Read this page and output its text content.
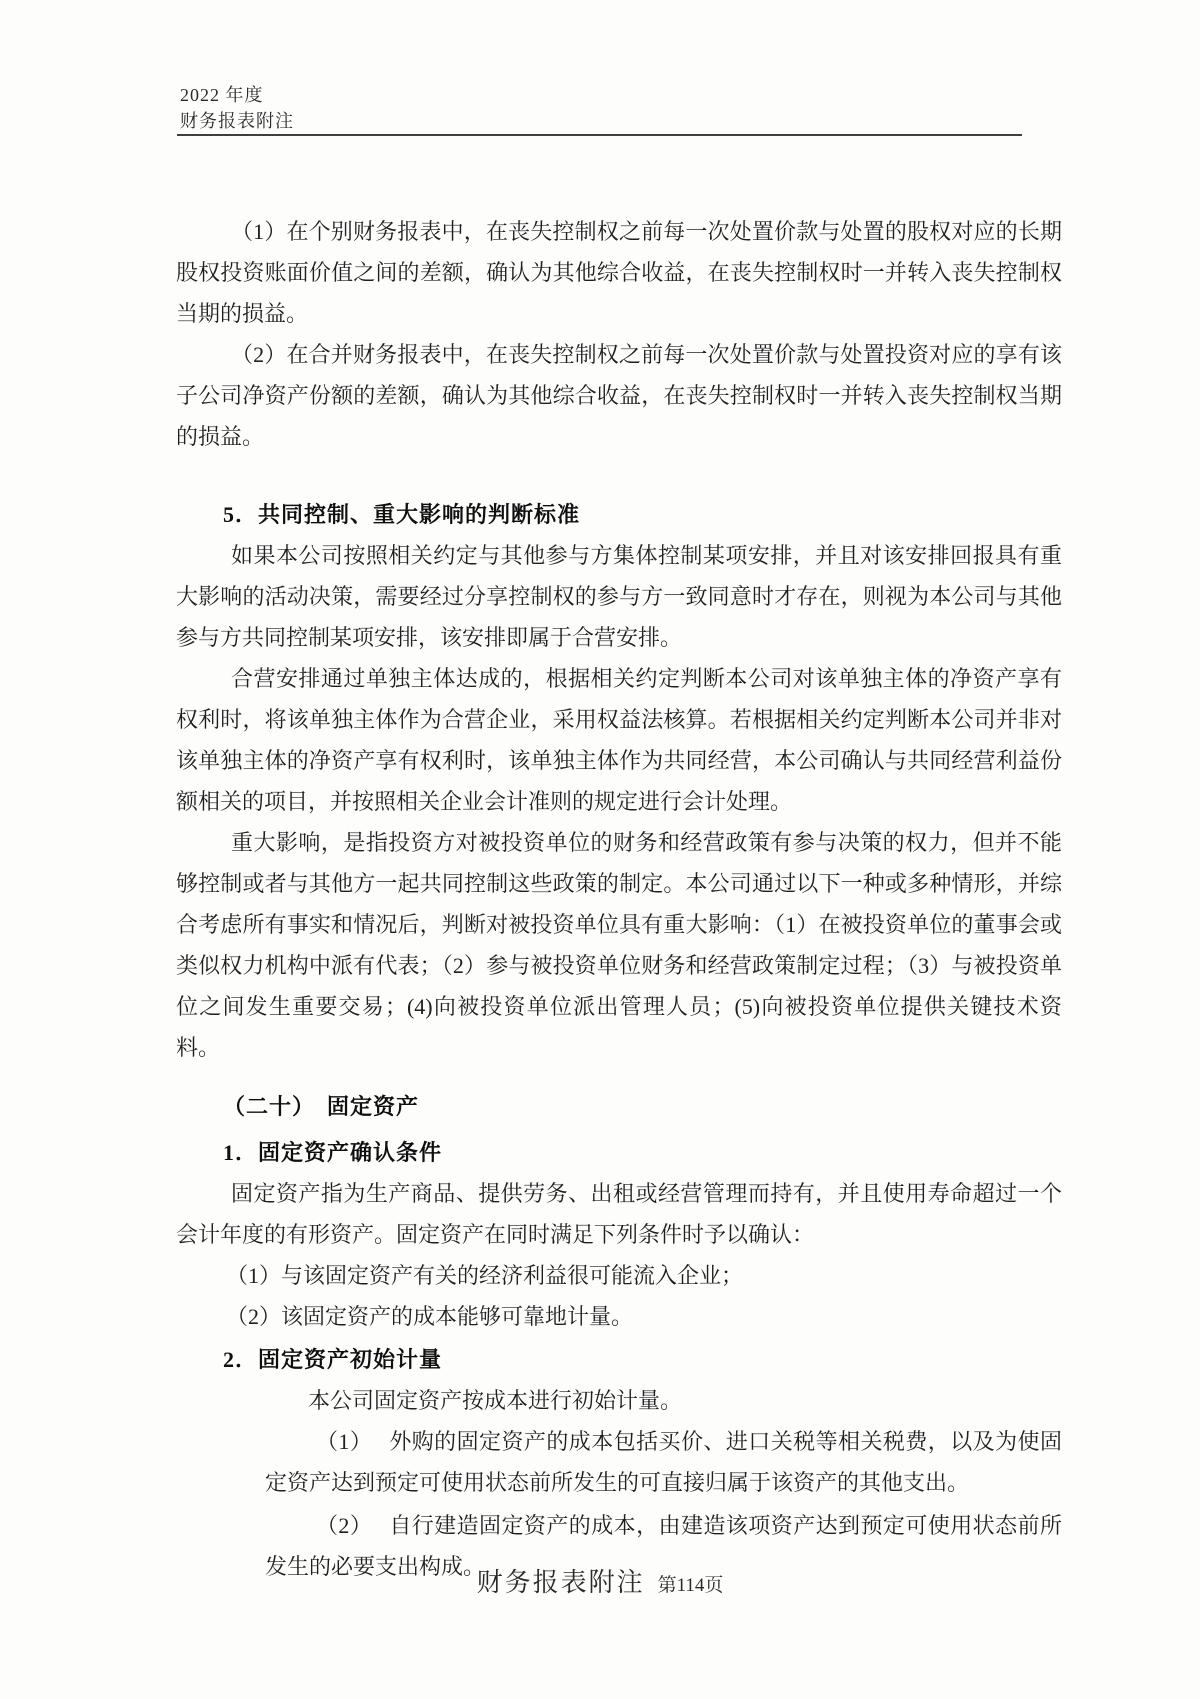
2022 年度
财务报表附注

（1）在个别财务报表中，在丧失控制权之前每一次处置价款与处置的股权对应的长期股权投资账面价值之间的差额，确认为其他综合收益，在丧失控制权时一并转入丧失控制权当期的损益。

（2）在合并财务报表中，在丧失控制权之前每一次处置价款与处置投资对应的享有该子公司净资产份额的差额，确认为其他综合收益，在丧失控制权时一并转入丧失控制权当期的损益。

5．共同控制、重大影响的判断标准

如果本公司按照相关约定与其他参与方集体控制某项安排，并且对该安排回报具有重大影响的活动决策，需要经过分享控制权的参与方一致同意时才存在，则视为本公司与其他参与方共同控制某项安排，该安排即属于合营安排。

合营安排通过单独主体达成的，根据相关约定判断本公司对该单独主体的净资产享有权利时，将该单独主体作为合营企业，采用权益法核算。若根据相关约定判断本公司并非对该单独主体的净资产享有权利时，该单独主体作为共同经营，本公司确认与共同经营利益份额相关的项目，并按照相关企业会计准则的规定进行会计处理。

重大影响，是指投资方对被投资单位的财务和经营政策有参与决策的权力，但并不能够控制或者与其他方一起共同控制这些政策的制定。本公司通过以下一种或多种情形，并综合考虑所有事实和情况后，判断对被投资单位具有重大影响：（1）在被投资单位的董事会或类似权力机构中派有代表；（2）参与被投资单位财务和经营政策制定过程；（3）与被投资单位之间发生重要交易；(4)向被投资单位派出管理人员；(5)向被投资单位提供关键技术资料。

（二十）　固定资产

1．固定资产确认条件

固定资产指为生产商品、提供劳务、出租或经营管理而持有，并且使用寿命超过一个会计年度的有形资产。固定资产在同时满足下列条件时予以确认：

（1）与该固定资产有关的经济利益很可能流入企业；

（2）该固定资产的成本能够可靠地计量。

2．固定资产初始计量

本公司固定资产按成本进行初始计量。

（1） 外购的固定资产的成本包括买价、进口关税等相关税费，以及为使固定资产达到预定可使用状态前所发生的可直接归属于该资产的其他支出。

（2） 自行建造固定资产的成本，由建造该项资产达到预定可使用状态前所发生的必要支出构成。

财务报表附注 第114页
